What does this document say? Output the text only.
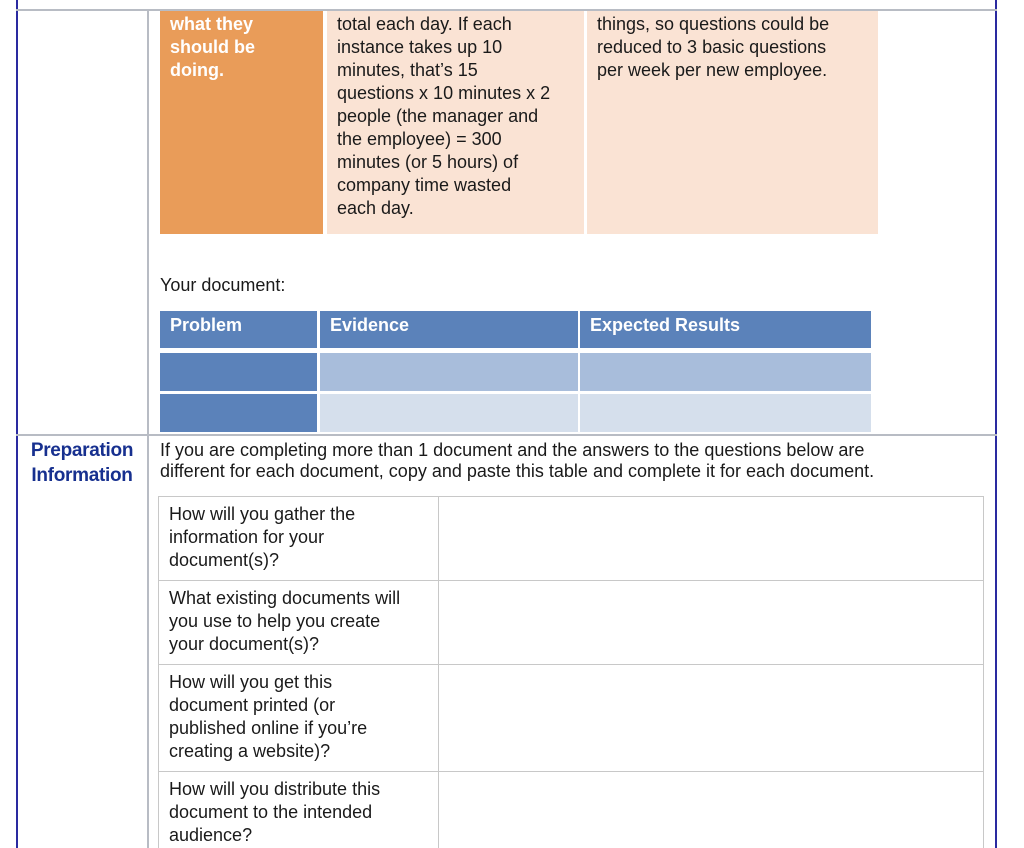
what they
should be
doing.
total each day. If each
instance takes up 10
minutes, that’s 15
questions x 10 minutes x 2
people (the manager and
the employee) = 300
minutes (or 5 hours) of
company time wasted
each day.
things, so questions could be
reduced to 3 basic questions
per week per new employee.
Your document:
Problem	Evidence	Expected Results
Preparation
Information
If you are completing more than 1 document and the answers to the questions below are
different for each document, copy and paste this table and complete it for each document.
How will you gather the
information for your
document(s)?
What existing documents will
you use to help you create
your document(s)?
How will you get this
document printed (or
published online if you’re
creating a website)?
How will you distribute this
document to the intended
audience?
